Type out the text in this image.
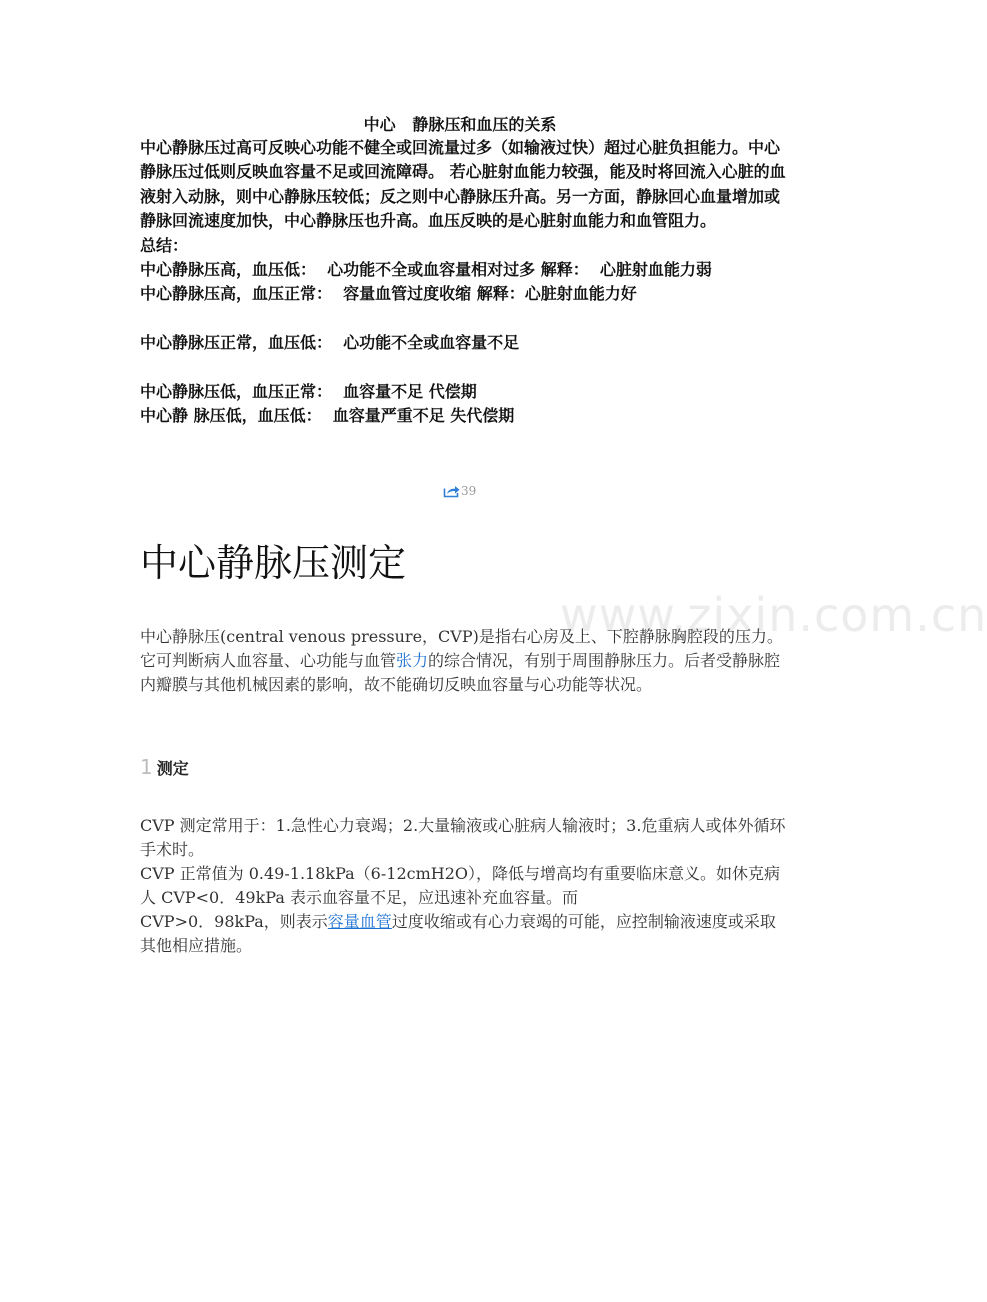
www.zixin.com.cn
中心   静脉压和血压的关系

中心静脉压过高可反映心功能不健全或回流量过多（如输液过快）超过心脏负担能力。中心静脉压过低则反映血容量不足或回流障碍。 若心脏射血能力较强，能及时将回流入心脏的血液射入动脉，则中心静脉压较低；反之则中心静脉压升高。另一方面，静脉回心血量增加或静脉回流速度加快，中心静脉压也升高。血压反映的是心脏射血能力和血管阻力。

总结：

中心静脉压高，血压低：  心功能不全或血容量相对过多 解释：  心脏射血能力弱

中心静脉压高，血压正常：  容量血管过度收缩 解释：心脏射血能力好

中心静脉压正常，血压低：  心功能不全或血容量不足

中心静脉压低，血压正常：  血容量不足 代偿期

中心静 脉压低，血压低：  血容量严重不足 失代偿期

39
中心静脉压测定

中心静脉压(central venous pressure，CVP)是指右心房及上、下腔静脉胸腔段的压力。它可判断病人血容量、心功能与血管张力的综合情况，有别于周围静脉压力。后者受静脉腔内瓣膜与其他机械因素的影响，故不能确切反映血容量与心功能等状况。

1 测定

CVP 测定常用于：1.急性心力衰竭；2.大量输液或心脏病人输液时；3.危重病人或体外循环手术时。

CVP 正常值为 0.49-1.18kPa（6-12cmH2O），降低与增高均有重要临床意义。如休克病人 CVP<0．49kPa 表示血容量不足，应迅速补充血容量。而

CVP>0．98kPa，则表示容量血管过度收缩或有心力衰竭的可能，应控制输液速度或采取其他相应措施。
